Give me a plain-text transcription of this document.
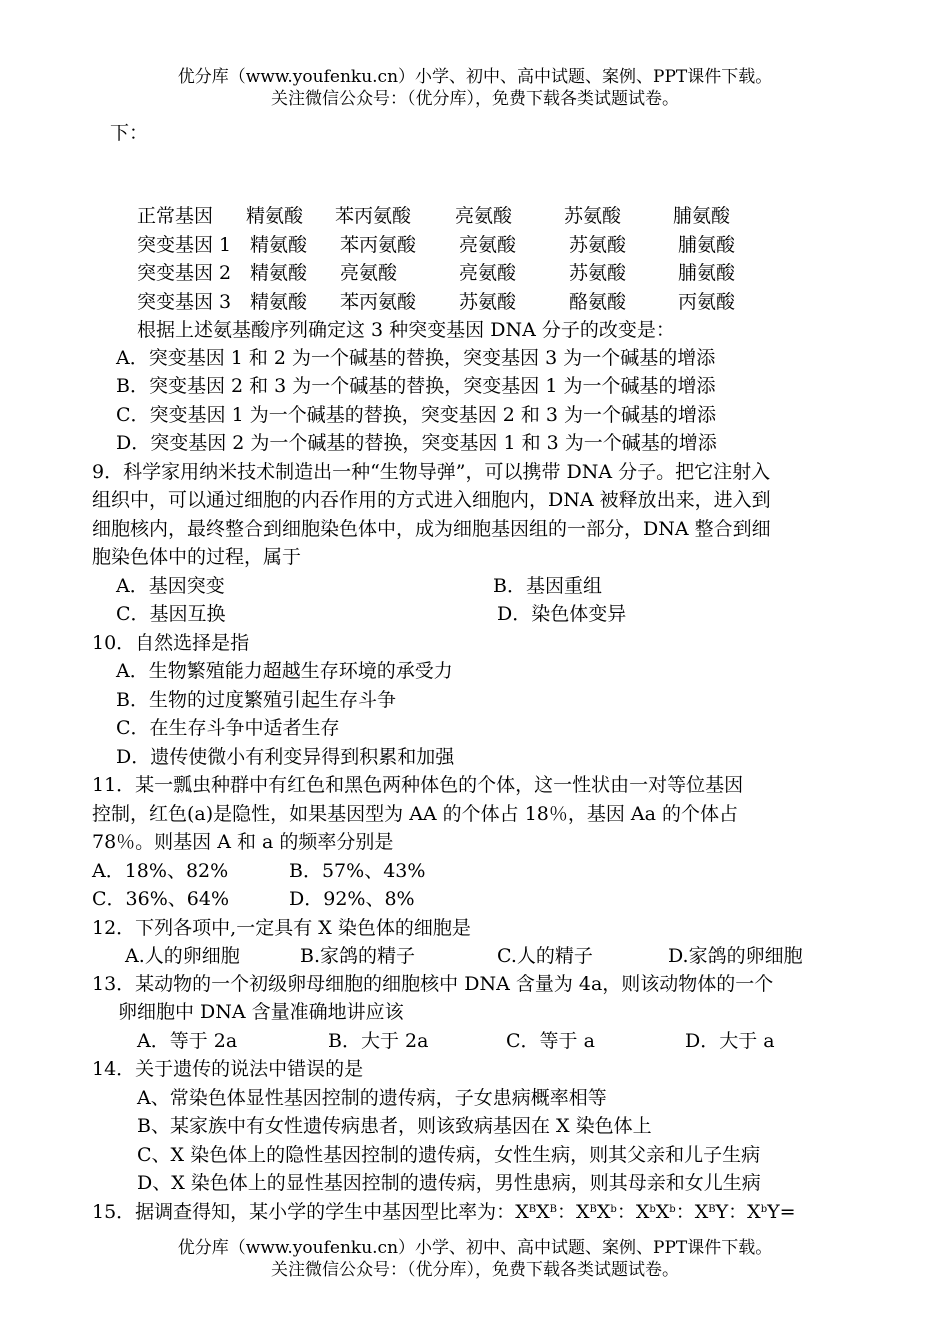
优分库（www.youfenku.cn）小学、初中、高中试题、案例、PPT课件下载。
关注微信公众号：（优分库），免费下载各类试题试卷。
下：
正常基因 精氨酸 苯丙氨酸 亮氨酸	苏氨酸	脯氨酸
突变基因 1 精氨酸 苯丙氨酸 亮氨酸	苏氨酸	脯氨酸
突变基因 2 精氨酸 亮氨酸	亮氨酸	苏氨酸	脯氨酸
突变基因 3 精氨酸 苯丙氨酸 苏氨酸	酪氨酸	丙氨酸
根据上述氨基酸序列确定这 3 种突变基因 DNA 分子的改变是：
A．突变基因 1 和 2 为一个碱基的替换，突变基因 3 为一个碱基的增添
B．突变基因 2 和 3 为一个碱基的替换，突变基因 1 为一个碱基的增添
C．突变基因 1 为一个碱基的替换，突变基因 2 和 3 为一个碱基的增添
D．突变基因 2 为一个碱基的替换，突变基因 1 和 3 为一个碱基的增添
9．科学家用纳米技术制造出一种“生物导弹”，可以携带 DNA 分子。把它注射入
组织中，可以通过细胞的内吞作用的方式进入细胞内，DNA 被释放出来，进入到
细胞核内，最终整合到细胞染色体中，成为细胞基因组的一部分，DNA 整合到细
胞染色体中的过程，属于
A．基因突变	B．基因重组
C．基因互换	D．染色体变异
10．自然选择是指
A．生物繁殖能力超越生存环境的承受力
B．生物的过度繁殖引起生存斗争
C．在生存斗争中适者生存
D．遗传使微小有利变异得到积累和加强
11．某一瓢虫种群中有红色和黑色两种体色的个体，这一性状由一对等位基因
控制，红色(a)是隐性，如果基因型为 AA 的个体占 18％，基因 Aa 的个体占
78％。则基因 A 和 a 的频率分别是
A．18%、82%	B．57%、43%
C．36%、64%	D．92%、8%
12．下列各项中,一定具有 X 染色体的细胞是
A.人的卵细胞	B.家鸽的精子	C.人的精子	D.家鸽的卵细胞
13．某动物的一个初级卵母细胞的细胞核中 DNA 含量为 4a，则该动物体的一个
卵细胞中 DNA 含量准确地讲应该
A．等于 2a	B．大于 2a	C．等于 a	D．大于 a
14．关于遗传的说法中错误的是
A、常染色体显性基因控制的遗传病，子女患病概率相等
B、某家族中有女性遗传病患者，则该致病基因在 X 染色体上
C、X 染色体上的隐性基因控制的遗传病，女性生病，则其父亲和儿子生病
D、X 染色体上的显性基因控制的遗传病，男性患病，则其母亲和女儿生病
15．据调查得知，某小学的学生中基因型比率为：$X^BX^B$：$X^BX^b$：$X^bX^b$：$X^BY$：$X^bY=$
优分库（www.youfenku.cn）小学、初中、高中试题、案例、PPT课件下载。
关注微信公众号：（优分库），免费下载各类试题试卷。
